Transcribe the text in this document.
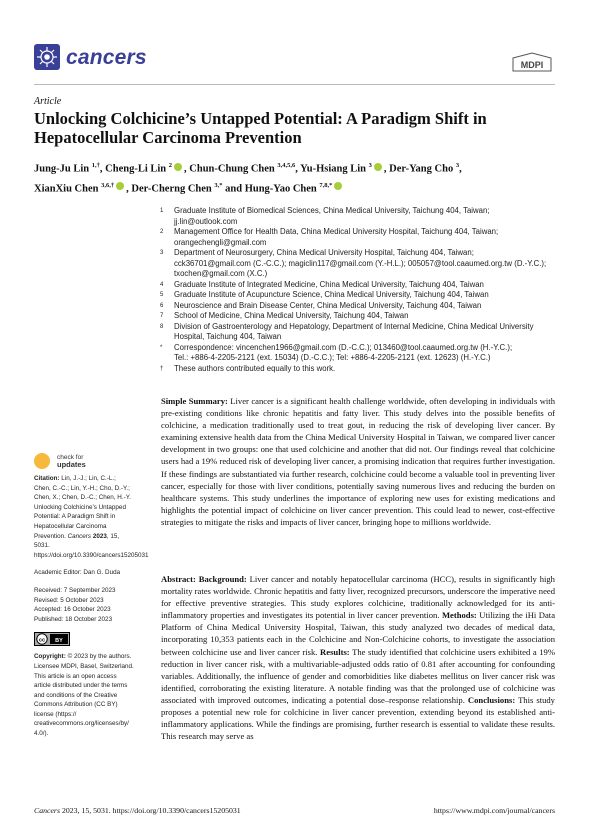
cancers	MDPI
Article
Unlocking Colchicine’s Untapped Potential: A Paradigm Shift in Hepatocellular Carcinoma Prevention
Jung-Ju Lin $^{1,\dagger}$, Cheng-Li Lin $^2$ , Chun-Chung Chen $^{3,4,5,6}$, Yu-Hsiang Lin $^3$ , Der-Yang Cho $^3$,
XianXiu Chen $^{3,6,\dagger}$ , Der-Cherng Chen $^{3,*}$ and Hung-Yao Chen $^{7,8,*}$
1	Graduate Institute of Biomedical Sciences, China Medical University, Taichung 404, Taiwan;
jj.lin@outlook.com
2	Management Office for Health Data, China Medical University Hospital, Taichung 404, Taiwan;
orangechengli@gmail.com
3	Department of Neurosurgery, China Medical University Hospital, Taichung 404, Taiwan;
cck36701@gmail.com (C.-C.C.); magiclin117@gmail.com (Y.-H.L.); 005057@tool.caaumed.org.tw (D.-Y.C.);
txochen@gmail.com (X.C.)
4	Graduate Institute of Integrated Medicine, China Medical University, Taichung 404, Taiwan
5	Graduate Institute of Acupuncture Science, China Medical University, Taichung 404, Taiwan
6	Neuroscience and Brain Disease Center, China Medical University, Taichung 404, Taiwan
7	School of Medicine, China Medical University, Taichung 404, Taiwan
8	Division of Gastroenterology and Hepatology, Department of Internal Medicine, China Medical University
Hospital, Taichung 404, Taiwan
*	Correspondence: vincenchen1966@gmail.com (D.-C.C.); 013460@tool.caaumed.org.tw (H.-Y.C.);
Tel.: +886-4-2205-2121 (ext. 15034) (D.-C.C.); Tel: +886-4-2205-2121 (ext. 12623) (H.-Y.C.)
†	These authors contributed equally to this work.
Simple Summary: Liver cancer is a significant health challenge worldwide, often developing in individuals with pre-existing conditions like chronic hepatitis and fatty liver. This study delves into the possible benefits of colchicine, a medication traditionally used to treat gout, in reducing the risk of developing liver cancer. By examining extensive health data from the China Medical University Hospital in Taiwan, we compared liver cancer development in two groups: one that used colchicine and another that did not. Our findings reveal that colchicine users had a 19% reduced risk of developing liver cancer, a promising indication that requires further investigation. If these findings are substantiated via further research, colchicine could become a valuable tool in preventing liver cancer, especially for those with liver conditions, potentially saving numerous lives and reducing the burden on healthcare systems. This study underlines the importance of exploring new uses for existing medications and highlights the potential impact of colchicine on liver cancer prevention. This could lead to newer, cost-effective strategies to mitigate the risks and impacts of liver cancer, bringing hope to millions worldwide.
Abstract: Background: Liver cancer and notably hepatocellular carcinoma (HCC), results in significantly high mortality rates worldwide. Chronic hepatitis and fatty liver, recognized precursors, underscore the imperative need for effective preventive strategies. This study explores colchicine, traditionally acknowledged for its anti-inflammatory properties and investigates its potential in liver cancer prevention. Methods: Utilizing the iHi Data Platform of China Medical University Hospital, Taiwan, this study analyzed two decades of medical data, incorporating 10,353 patients each in the Colchicine and Non-Colchicine cohorts, to investigate the association between colchicine use and liver cancer risk. Results: The study identified that colchicine users exhibited a 19% reduction in liver cancer risk, with a multivariable-adjusted odds ratio of 0.81 after accounting for confounding variables. Additionally, the influence of gender and comorbidities like diabetes mellitus on liver cancer risk was identified, corroborating the existing literature. A notable finding was that the prolonged use of colchicine was associated with improved outcomes, indicating a potential dose–response relationship. Conclusions: This study proposes a potential new role for colchicine in liver cancer prevention, extending beyond its established anti-inflammatory applications. While the findings are promising, further research is essential to validate these results. This research may serve as
check for
updates
Citation: Lin, J.-J.; Lin, C.-L.; Chen, C.-C.; Lin, Y.-H.; Cho, D.-Y.; Chen, X.; Chen, D.-C.; Chen, H.-Y. Unlocking Colchicine’s Untapped Potential: A Paradigm Shift in Hepatocellular Carcinoma Prevention. Cancers 2023, 15, 5031. https://doi.org/10.3390/cancers15205031
Academic Editor: Dan G. Duda
Received: 7 September 2023
Revised: 5 October 2023
Accepted: 16 October 2023
Published: 18 October 2023
cc BY
Copyright: © 2023 by the authors. Licensee MDPI, Basel, Switzerland. This article is an open access article distributed under the terms and conditions of the Creative Commons Attribution (CC BY) license (https:// creativecommons.org/licenses/by/ 4.0/).
Cancers 2023, 15, 5031. https://doi.org/10.3390/cancers15205031	https://www.mdpi.com/journal/cancers
